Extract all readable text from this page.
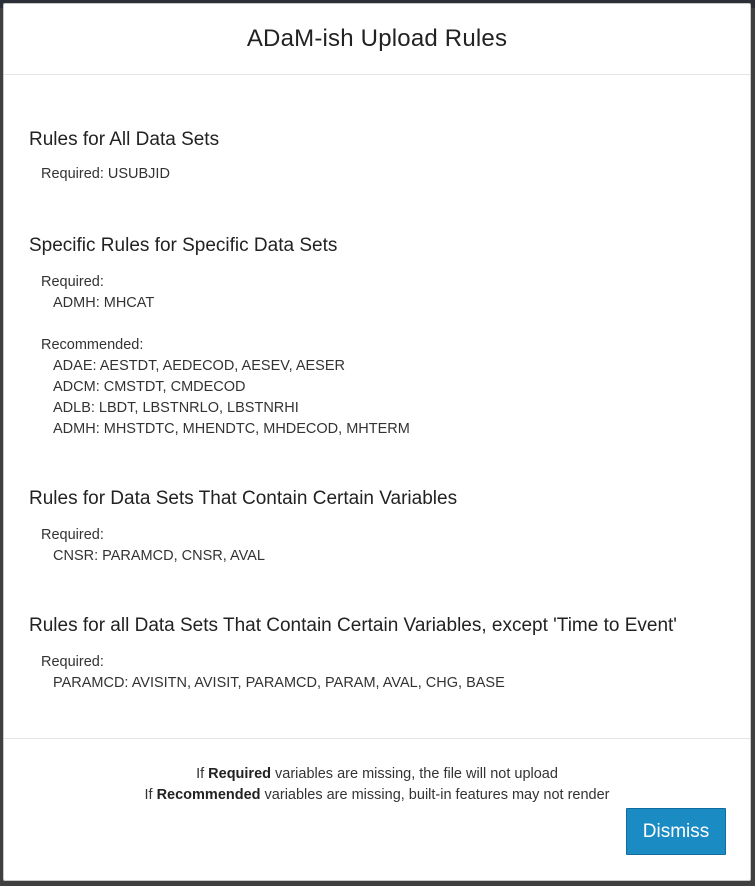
ADaM-ish Upload Rules
Rules for All Data Sets
Required: USUBJID
Specific Rules for Specific Data Sets
Required:
ADMH: MHCAT
Recommended:
ADAE: AESTDT, AEDECOD, AESEV, AESER
ADCM: CMSTDT, CMDECOD
ADLB: LBDT, LBSTNRLO, LBSTNRHI
ADMH: MHSTDTC, MHENDTC, MHDECOD, MHTERM
Rules for Data Sets That Contain Certain Variables
Required:
CNSR: PARAMCD, CNSR, AVAL
Rules for all Data Sets That Contain Certain Variables, except 'Time to Event'
Required:
PARAMCD: AVISITN, AVISIT, PARAMCD, PARAM, AVAL, CHG, BASE
If Required variables are missing, the file will not upload
If Recommended variables are missing, built-in features may not render
Dismiss
